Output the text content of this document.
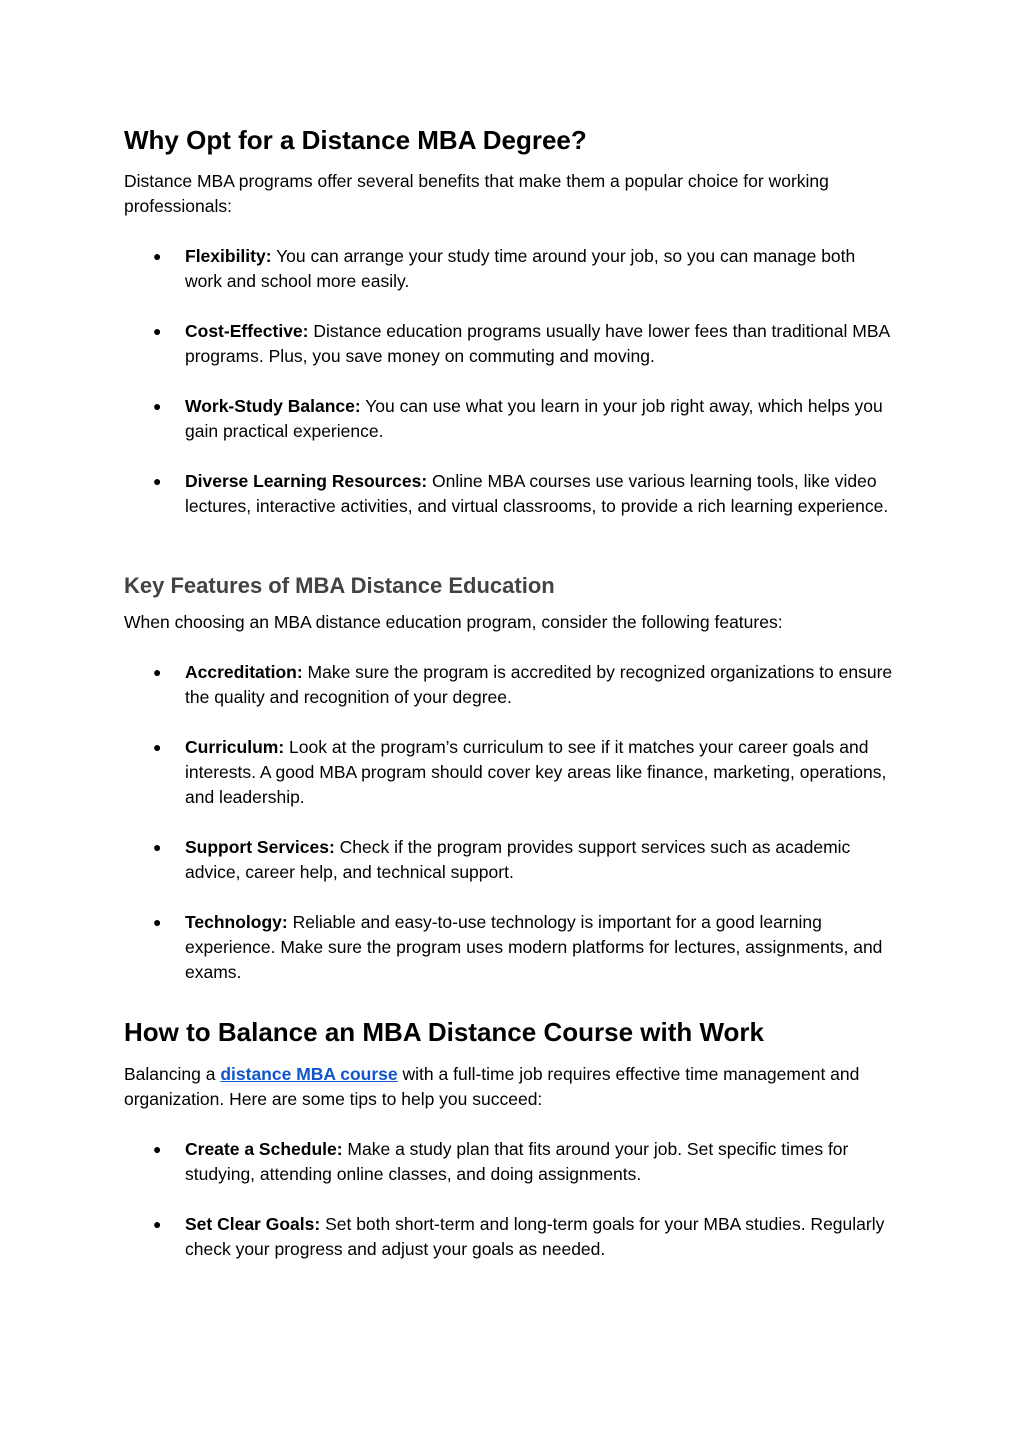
Why Opt for a Distance MBA Degree?

Distance MBA programs offer several benefits that make them a popular choice for working professionals:

● Flexibility: You can arrange your study time around your job, so you can manage both work and school more easily.
● Cost-Effective: Distance education programs usually have lower fees than traditional MBA programs. Plus, you save money on commuting and moving.
● Work-Study Balance: You can use what you learn in your job right away, which helps you gain practical experience.
● Diverse Learning Resources: Online MBA courses use various learning tools, like video lectures, interactive activities, and virtual classrooms, to provide a rich learning experience.
Key Features of MBA Distance Education

When choosing an MBA distance education program, consider the following features:

● Accreditation: Make sure the program is accredited by recognized organizations to ensure the quality and recognition of your degree.
● Curriculum: Look at the program’s curriculum to see if it matches your career goals and interests. A good MBA program should cover key areas like finance, marketing, operations, and leadership.
● Support Services: Check if the program provides support services such as academic advice, career help, and technical support.
● Technology: Reliable and easy-to-use technology is important for a good learning experience. Make sure the program uses modern platforms for lectures, assignments, and exams.
How to Balance an MBA Distance Course with Work

Balancing a distance MBA course with a full-time job requires effective time management and organization. Here are some tips to help you succeed:

● Create a Schedule: Make a study plan that fits around your job. Set specific times for studying, attending online classes, and doing assignments.
● Set Clear Goals: Set both short-term and long-term goals for your MBA studies. Regularly check your progress and adjust your goals as needed.
